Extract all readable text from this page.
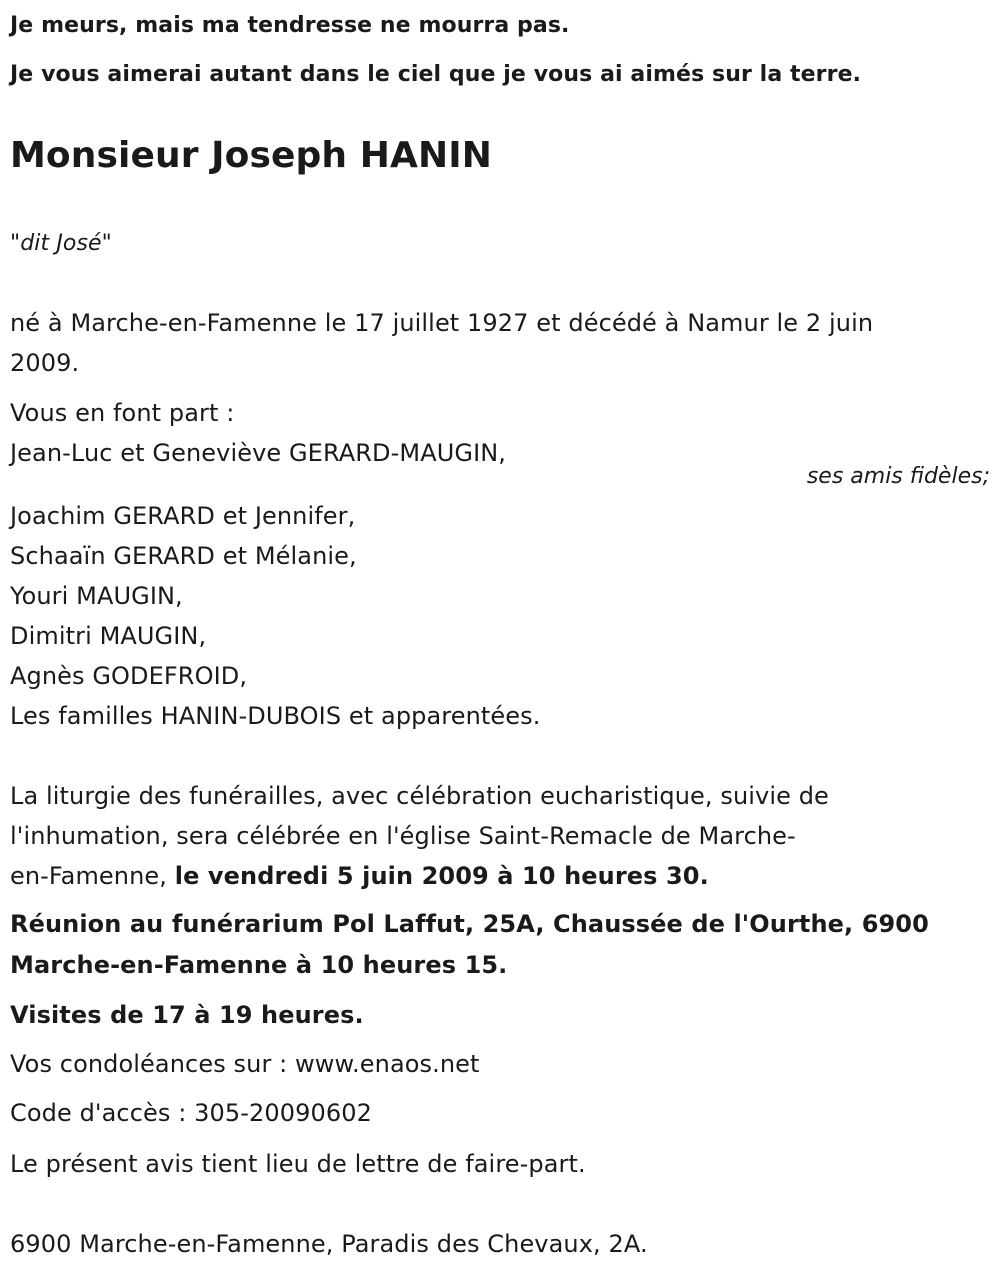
Je meurs, mais ma tendresse ne mourra pas.
Je vous aimerai autant dans le ciel que je vous ai aimés sur la terre.
Monsieur Joseph HANIN
"dit José"
né à Marche-en-Famenne le 17 juillet 1927 et décédé à Namur le 2 juin
2009.
Vous en font part :
Jean-Luc et Geneviève GERARD-MAUGIN,
ses amis fidèles;
Joachim GERARD et Jennifer,
Schaaïn GERARD et Mélanie,
Youri MAUGIN,
Dimitri MAUGIN,
Agnès GODEFROID,
Les familles HANIN-DUBOIS et apparentées.
La liturgie des funérailles, avec célébration eucharistique, suivie de
l'inhumation, sera célébrée en l'église Saint-Remacle de Marche-
en-Famenne, le vendredi 5 juin 2009 à 10 heures 30.
Réunion au funérarium Pol Laffut, 25A, Chaussée de l'Ourthe, 6900
Marche-en-Famenne à 10 heures 15.
Visites de 17 à 19 heures.
Vos condoléances sur : www.enaos.net
Code d'accès : 305-20090602
Le présent avis tient lieu de lettre de faire-part.
6900 Marche-en-Famenne, Paradis des Chevaux, 2A.
